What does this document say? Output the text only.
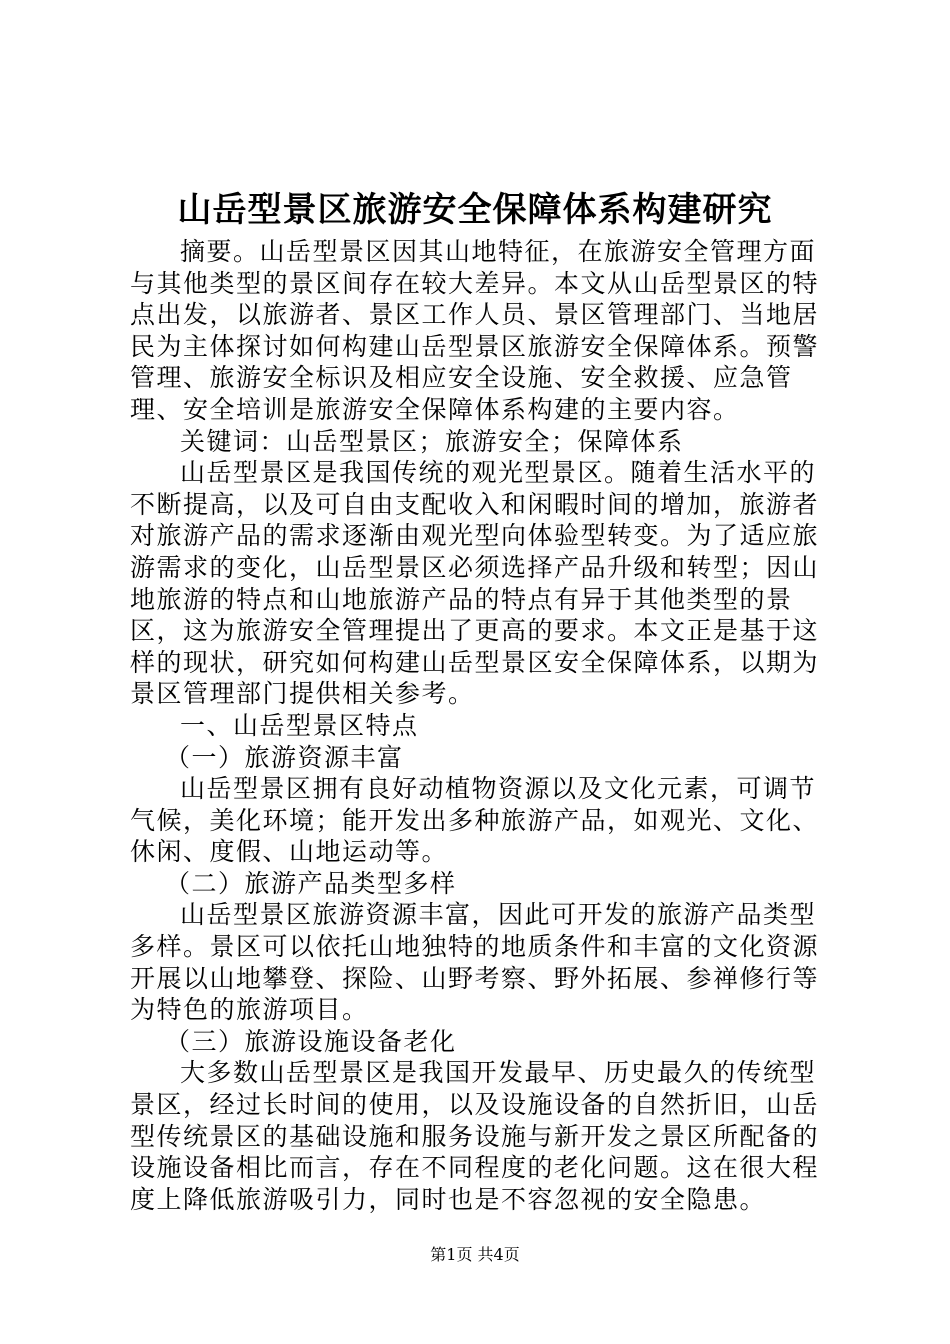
山岳型景区旅游安全保障体系构建研究

摘要。山岳型景区因其山地特征，在旅游安全管理方面与其他类型的景区间存在较大差异。本文从山岳型景区的特点出发，以旅游者、景区工作人员、景区管理部门、当地居民为主体探讨如何构建山岳型景区旅游安全保障体系。预警管理、旅游安全标识及相应安全设施、安全救援、应急管理、安全培训是旅游安全保障体系构建的主要内容。

关键词：山岳型景区；旅游安全；保障体系

山岳型景区是我国传统的观光型景区。随着生活水平的不断提高，以及可自由支配收入和闲暇时间的增加，旅游者对旅游产品的需求逐渐由观光型向体验型转变。为了适应旅游需求的变化，山岳型景区必须选择产品升级和转型；因山地旅游的特点和山地旅游产品的特点有异于其他类型的景区，这为旅游安全管理提出了更高的要求。本文正是基于这样的现状，研究如何构建山岳型景区安全保障体系，以期为景区管理部门提供相关参考。

一、山岳型景区特点

（一）旅游资源丰富

山岳型景区拥有良好动植物资源以及文化元素，可调节气候，美化环境；能开发出多种旅游产品，如观光、文化、休闲、度假、山地运动等。

（二）旅游产品类型多样

山岳型景区旅游资源丰富，因此可开发的旅游产品类型多样。景区可以依托山地独特的地质条件和丰富的文化资源开展以山地攀登、探险、山野考察、野外拓展、参禅修行等为特色的旅游项目。

（三）旅游设施设备老化

大多数山岳型景区是我国开发最早、历史最久的传统型景区，经过长时间的使用，以及设施设备的自然折旧，山岳型传统景区的基础设施和服务设施与新开发之景区所配备的设施设备相比而言，存在不同程度的老化问题。这在很大程度上降低旅游吸引力，同时也是不容忽视的安全隐患。

第1页 共4页
